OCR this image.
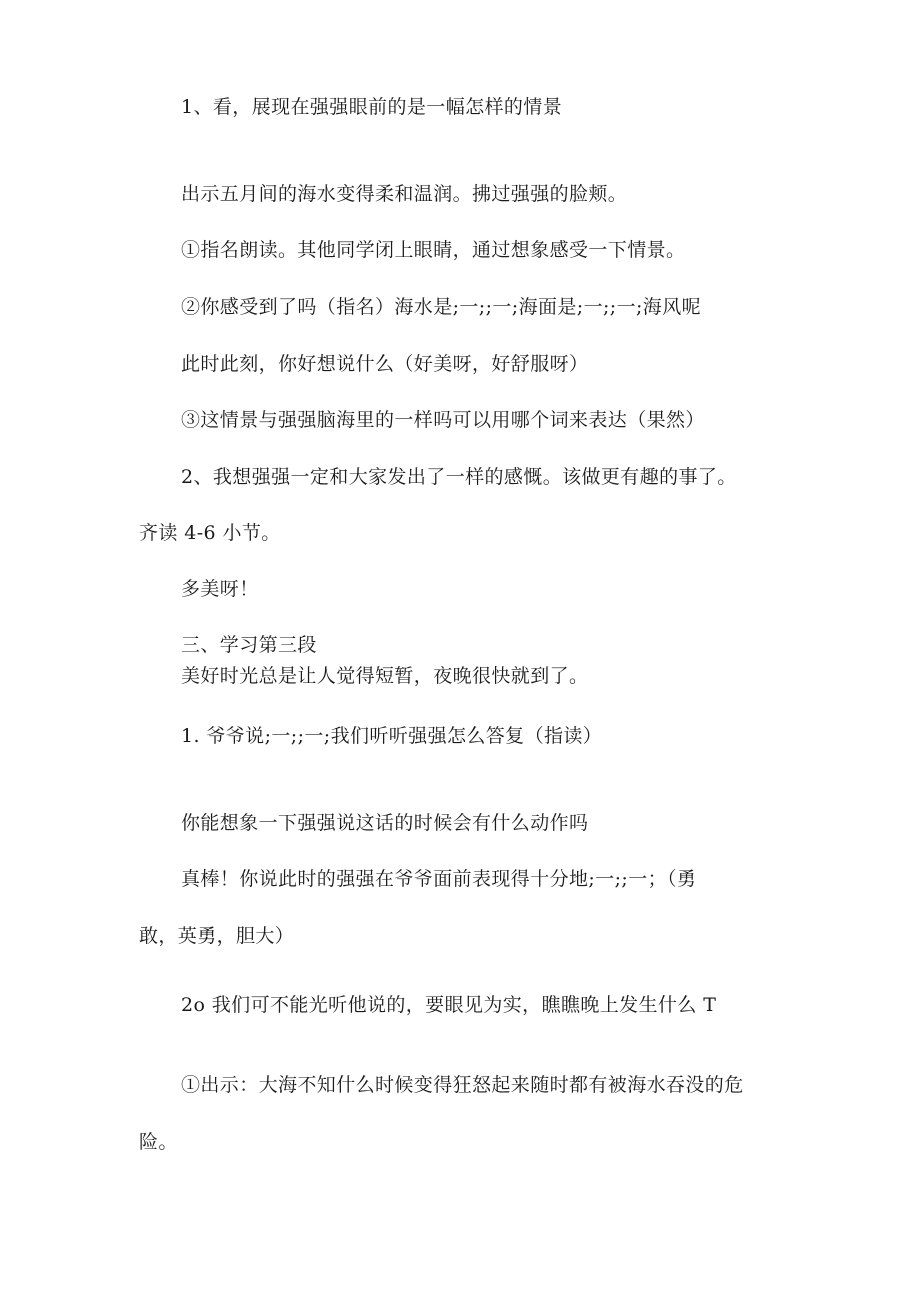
1、看，展现在强强眼前的是一幅怎样的情景
出示五月间的海水变得柔和温润。拂过强强的脸颊。
①指名朗读。其他同学闭上眼睛，通过想象感受一下情景。
②你感受到了吗（指名）海水是;一;;一;海面是;一;;一;海风呢
此时此刻，你好想说什么（好美呀，好舒服呀）
③这情景与强强脑海里的一样吗可以用哪个词来表达（果然）
2、我想强强一定和大家发出了一样的感慨。该做更有趣的事了。
齐读 4-6 小节。
多美呀！
三、学习第三段
美好时光总是让人觉得短暂，夜晚很快就到了。
1. 爷爷说;一;;一;我们听听强强怎么答复（指读）
你能想象一下强强说这话的时候会有什么动作吗
真棒！你说此时的强强在爷爷面前表现得十分地;一;;一；（勇
敢，英勇，胆大）
2o 我们可不能光听他说的，要眼见为实，瞧瞧晚上发生什么 T
①出示：大海不知什么时候变得狂怒起来随时都有被海水吞没的危
险。
